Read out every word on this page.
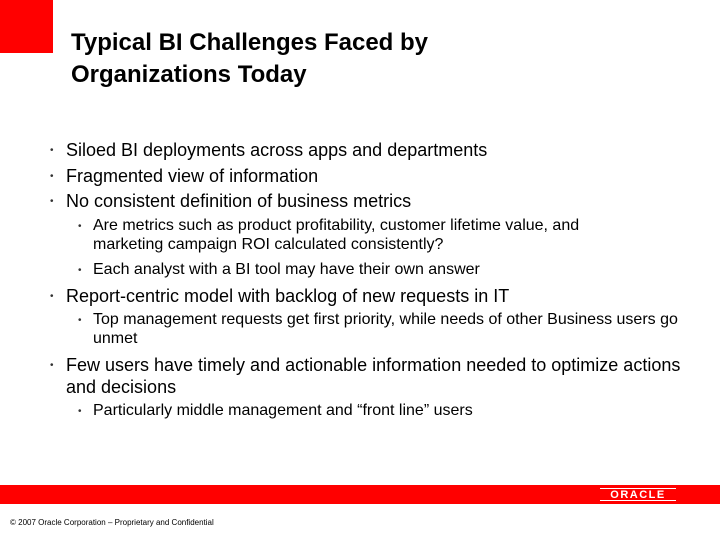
Typical BI Challenges Faced by
Organizations Today
• Siloed BI deployments across apps and departments
• Fragmented view of information
• No consistent definition of business metrics
• Are metrics such as product profitability, customer lifetime value, and marketing campaign ROI calculated consistently?
• Each analyst with a BI tool may have their own answer
• Report-centric model with backlog of new requests in IT
• Top management requests get first priority, while needs of other Business users go unmet
• Few users have timely and actionable information needed to optimize actions and decisions
• Particularly middle management and “front line” users
ORACLE
© 2007 Oracle Corporation – Proprietary and Confidential
